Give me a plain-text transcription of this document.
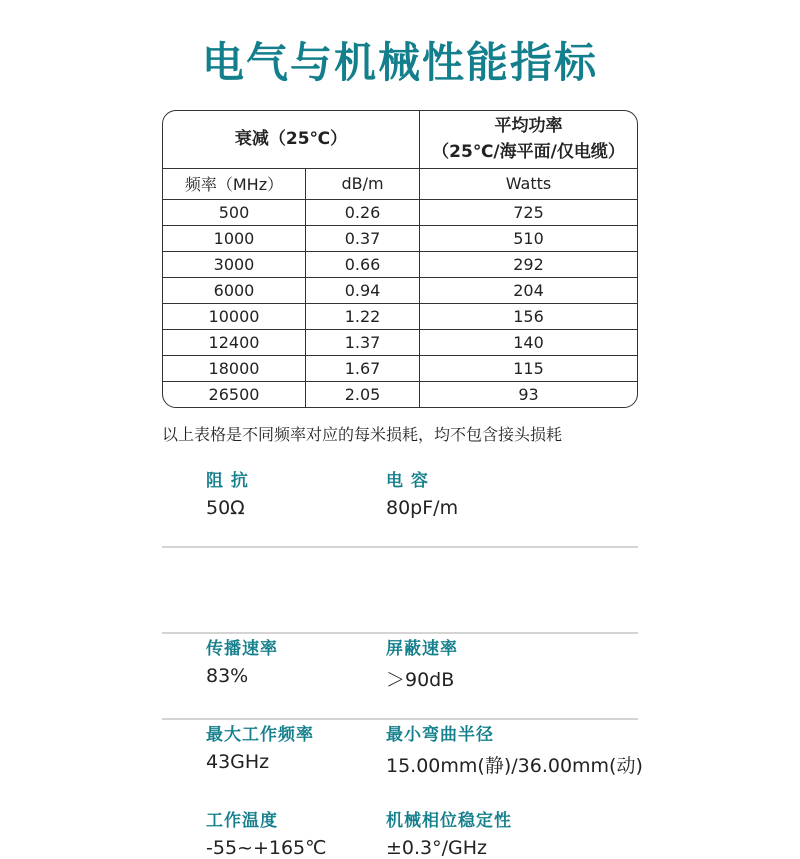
电气与机械性能指标
衰减（25℃）		平均功率
（25℃/海平面/仅电缆）

频率（MHz）	dB/m	Watts
500	0.26	725
1000	0.37	510
3000	0.66	292
6000	0.94	204
10000	1.22	156
12400	1.37	140
18000	1.67	115
26500	2.05	93
以上表格是不同频率对应的每米损耗，均不包含接头损耗
阻 抗
50Ω
电 容
80pF/m
传播速率
83%
屏蔽速率
＞90dB
最大工作频率
43GHz
最小弯曲半径
15.00mm(静)/36.00mm(动)
工作温度
-55~+165℃
机械相位稳定性
±0.3°/GHz
